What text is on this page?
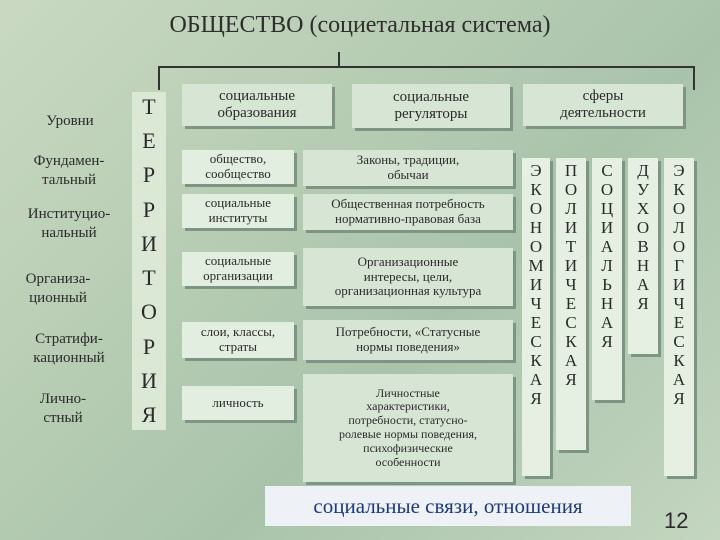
ОБЩЕСТВО (социетальная система)
Уровни
Фундамен-
тальный
Институцио-
нальный
Организа-
ционный
Стратифи-
кационный
Лично-
стный
Т
Е
Р
Р
И
Т
О
Р
И
Я
социальные
образования
социальные
регуляторы
сферы
деятельности
общество,
сообщество
социальные
институты
социальные
организации
слои, классы,
страты
личность
Законы, традиции,
обычаи
Общественная потребность
нормативно-правовая база
Организационные
интересы, цели,
организационная культура
Потребности, «Статусные
нормы поведения»
Личностные
характеристики,
потребности, статусно-
ролевые нормы поведения,
психофизические
особенности
Э
К
О
Н
О
М
И
Ч
Е
С
К
А
Я
П
О
Л
И
Т
И
Ч
Е
С
К
А
Я
С
О
Ц
И
А
Л
Ь
Н
А
Я
Д
У
Х
О
В
Н
А
Я
Э
К
О
Л
О
Г
И
Ч
Е
С
К
А
Я
социальные связи, отношения
12
